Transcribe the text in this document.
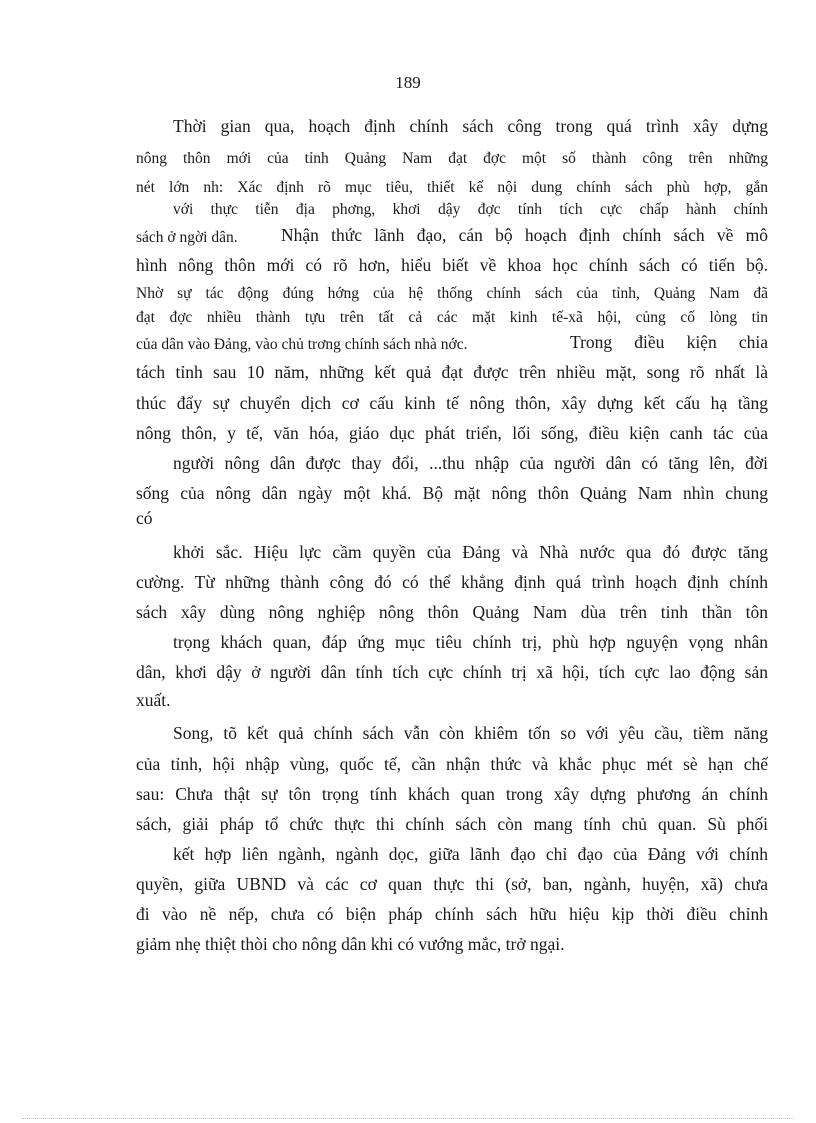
189
Thời gian qua, hoạch định chính sách công trong quá trình xây dựng
nông thôn mới của tỉnh Quảng Nam đạt đợc một số thành công trên những
nét lớn nh: Xác định rõ mục tiêu, thiết kế nội dung chính sách phù hợp, gắn
với thực tiễn địa phơng, khơi dậy đợc tính tích cực chấp hành chính
sách ở ngời dân.	Nhận thức lãnh đạo, cán bộ hoạch định chính sách về mô
hình nông thôn mới có rõ hơn, hiểu biết về khoa học chính sách có tiến bộ.
Nhờ sự tác động đúng hớng của hệ thống chính sách của tỉnh, Quảng Nam đã
đạt đợc nhiều thành tựu trên tất cả các mặt kinh tế-xã hội, củng cố lòng tin
của dân vào Đảng, vào chủ trơng chính sách nhà nớc.	Trong điều kiện chia
tách tỉnh sau 10 năm, những kết quả đạt được trên nhiều mặt, song rõ nhất là
thúc đẩy sự chuyển dịch cơ cấu kinh tế nông thôn, xây dựng kết cấu hạ tầng
nông thôn, y tế, văn hóa, giáo dục phát triển, lối sống, điều kiện canh tác của
người nông dân được thay đổi, ...thu nhập của người dân có tăng lên, đời
sống của nông dân ngày một khá. Bộ mặt nông thôn Quảng Nam nhìn chung
có
khởi sắc. Hiệu lực cầm quyền của Đảng và Nhà nước qua đó được tăng
cường. Từ những thành công đó có thể khẳng định quá trình hoạch định chính
sách xây dùng nông nghiệp nông thôn Quảng Nam dùa trên tinh thần tôn
trọng khách quan, đáp ứng mục tiêu chính trị, phù hợp nguyện vọng nhân
dân, khơi dậy ở người dân tính tích cực chính trị xã hội, tích cực lao động sản
xuất.
Song, tõ kết quả chính sách vẫn còn khiêm tốn so với yêu cầu, tiềm năng
của tỉnh, hội nhập vùng, quốc tế, cần nhận thức và khắc phục mét sè hạn chế
sau: Chưa thật sự tôn trọng tính khách quan trong xây dựng phương án chính
sách, giải pháp tổ chức thực thi chính sách còn mang tính chủ quan. Sù phối
kết hợp liên ngành, ngành dọc, giữa lãnh đạo chỉ đạo của Đảng với chính
quyền, giữa UBND và các cơ quan thực thi (sở, ban, ngành, huyện, xã) chưa
đi vào nề nếp, chưa có biện pháp chính sách hữu hiệu kịp thời điều chỉnh
giảm nhẹ thiệt thòi cho nông dân khi có vướng mắc, trở ngại.
